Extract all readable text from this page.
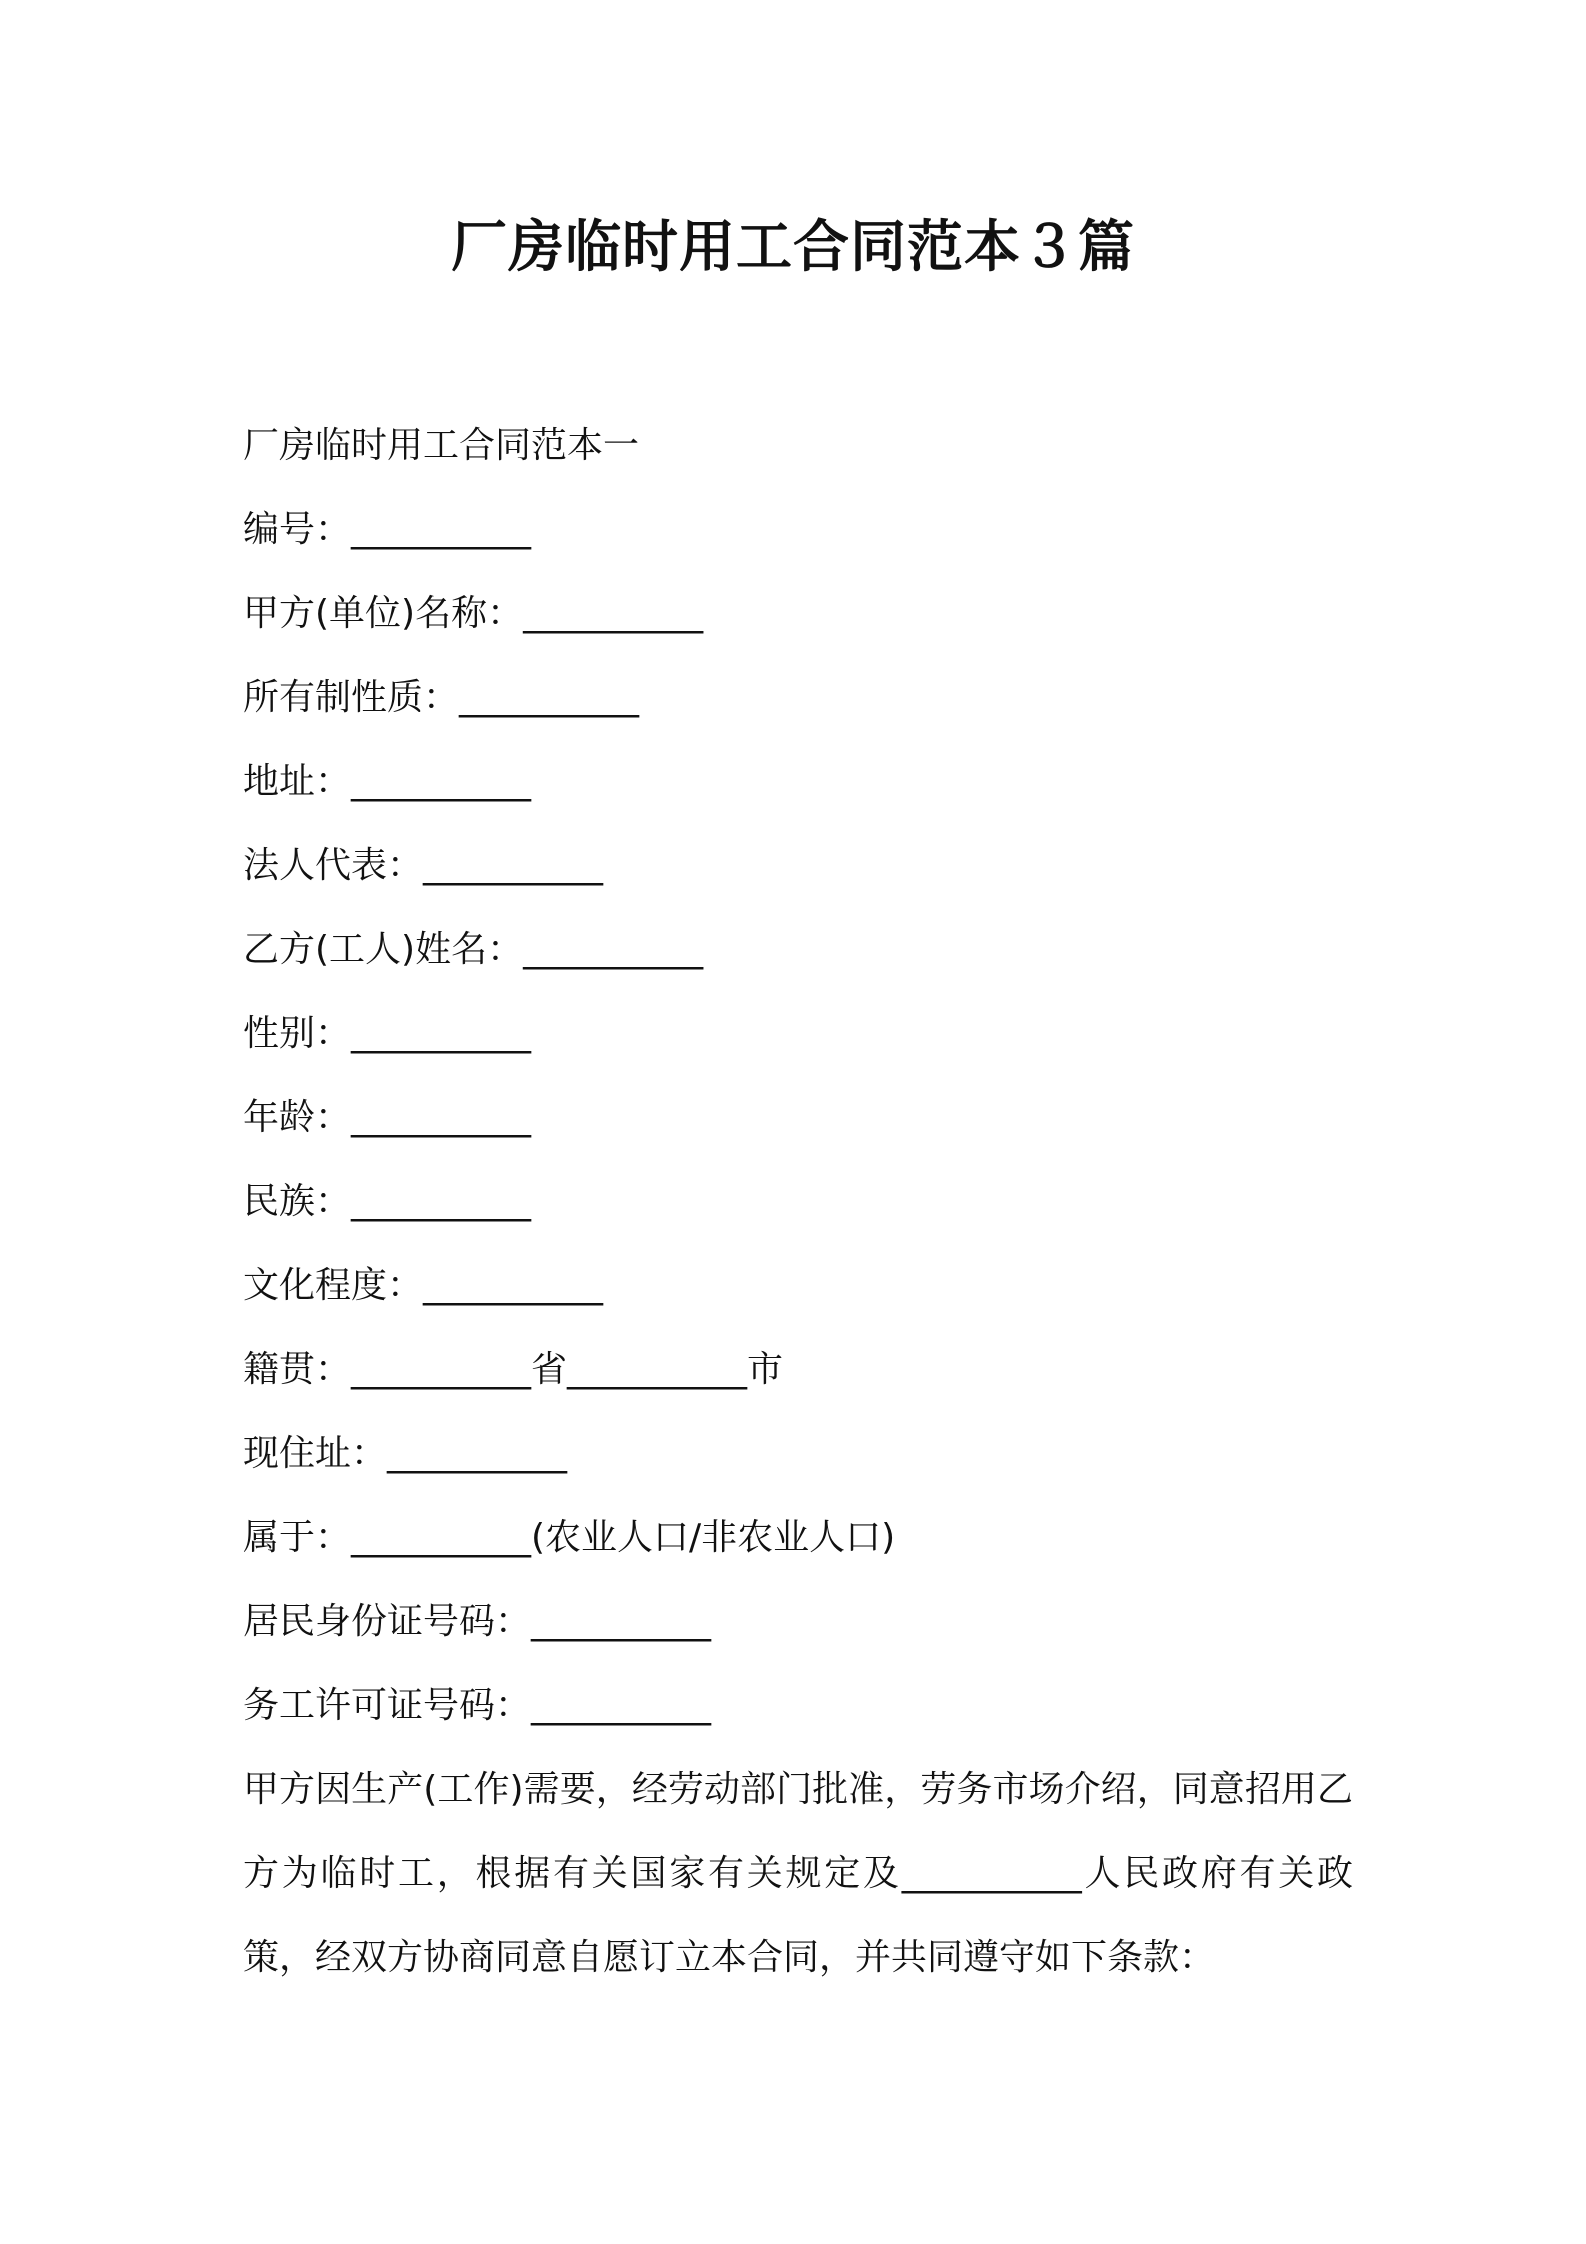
厂房临时用工合同范本３篇

厂房临时用工合同范本一

编号：__________

甲方(单位)名称：__________

所有制性质：__________

地址：__________

法人代表：__________

乙方(工人)姓名：__________

性别：__________

年龄：__________

民族：__________

文化程度：__________

籍贯：__________省__________市

现住址：__________

属于：__________(农业人口/非农业人口)

居民身份证号码：__________

务工许可证号码：__________

甲方因生产(工作)需要，经劳动部门批准，劳务市场介绍，同意招用乙方为临时工，根据有关国家有关规定及__________人民政府有关政策，经双方协商同意自愿订立本合同，并共同遵守如下条款：
